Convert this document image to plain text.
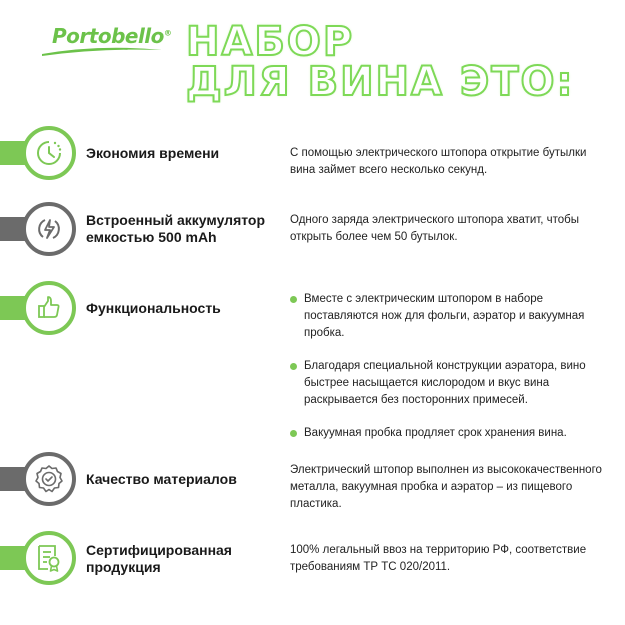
Portobello® НАБОР
ДЛЯ ВИНА ЭТО:
Экономия времени	С помощью электрического штопора открытие бутылки вина займет всего несколько секунд.
Встроенный аккумулятор емкостью 500 mAh
Одного заряда электрического штопора хватит, чтобы открыть более чем 50 бутылок.
Функциональность
Вместе с электрическим штопором в наборе поставляются нож для фольги, аэратор и вакуумная пробка.
Благодаря специальной конструкции аэратора, вино быстрее насыщается кислородом и вкус вина раскрывается без посторонних примесей.
Вакуумная пробка продляет срок хранения вина.
Качество материалов
Электрический штопор выполнен из высококачественного металла, вакуумная пробка и аэратор – из пищевого пластика.
Сертифицированная продукция
100% легальный ввоз на территорию РФ, соответствие требованиям ТР ТС 020/2011.
